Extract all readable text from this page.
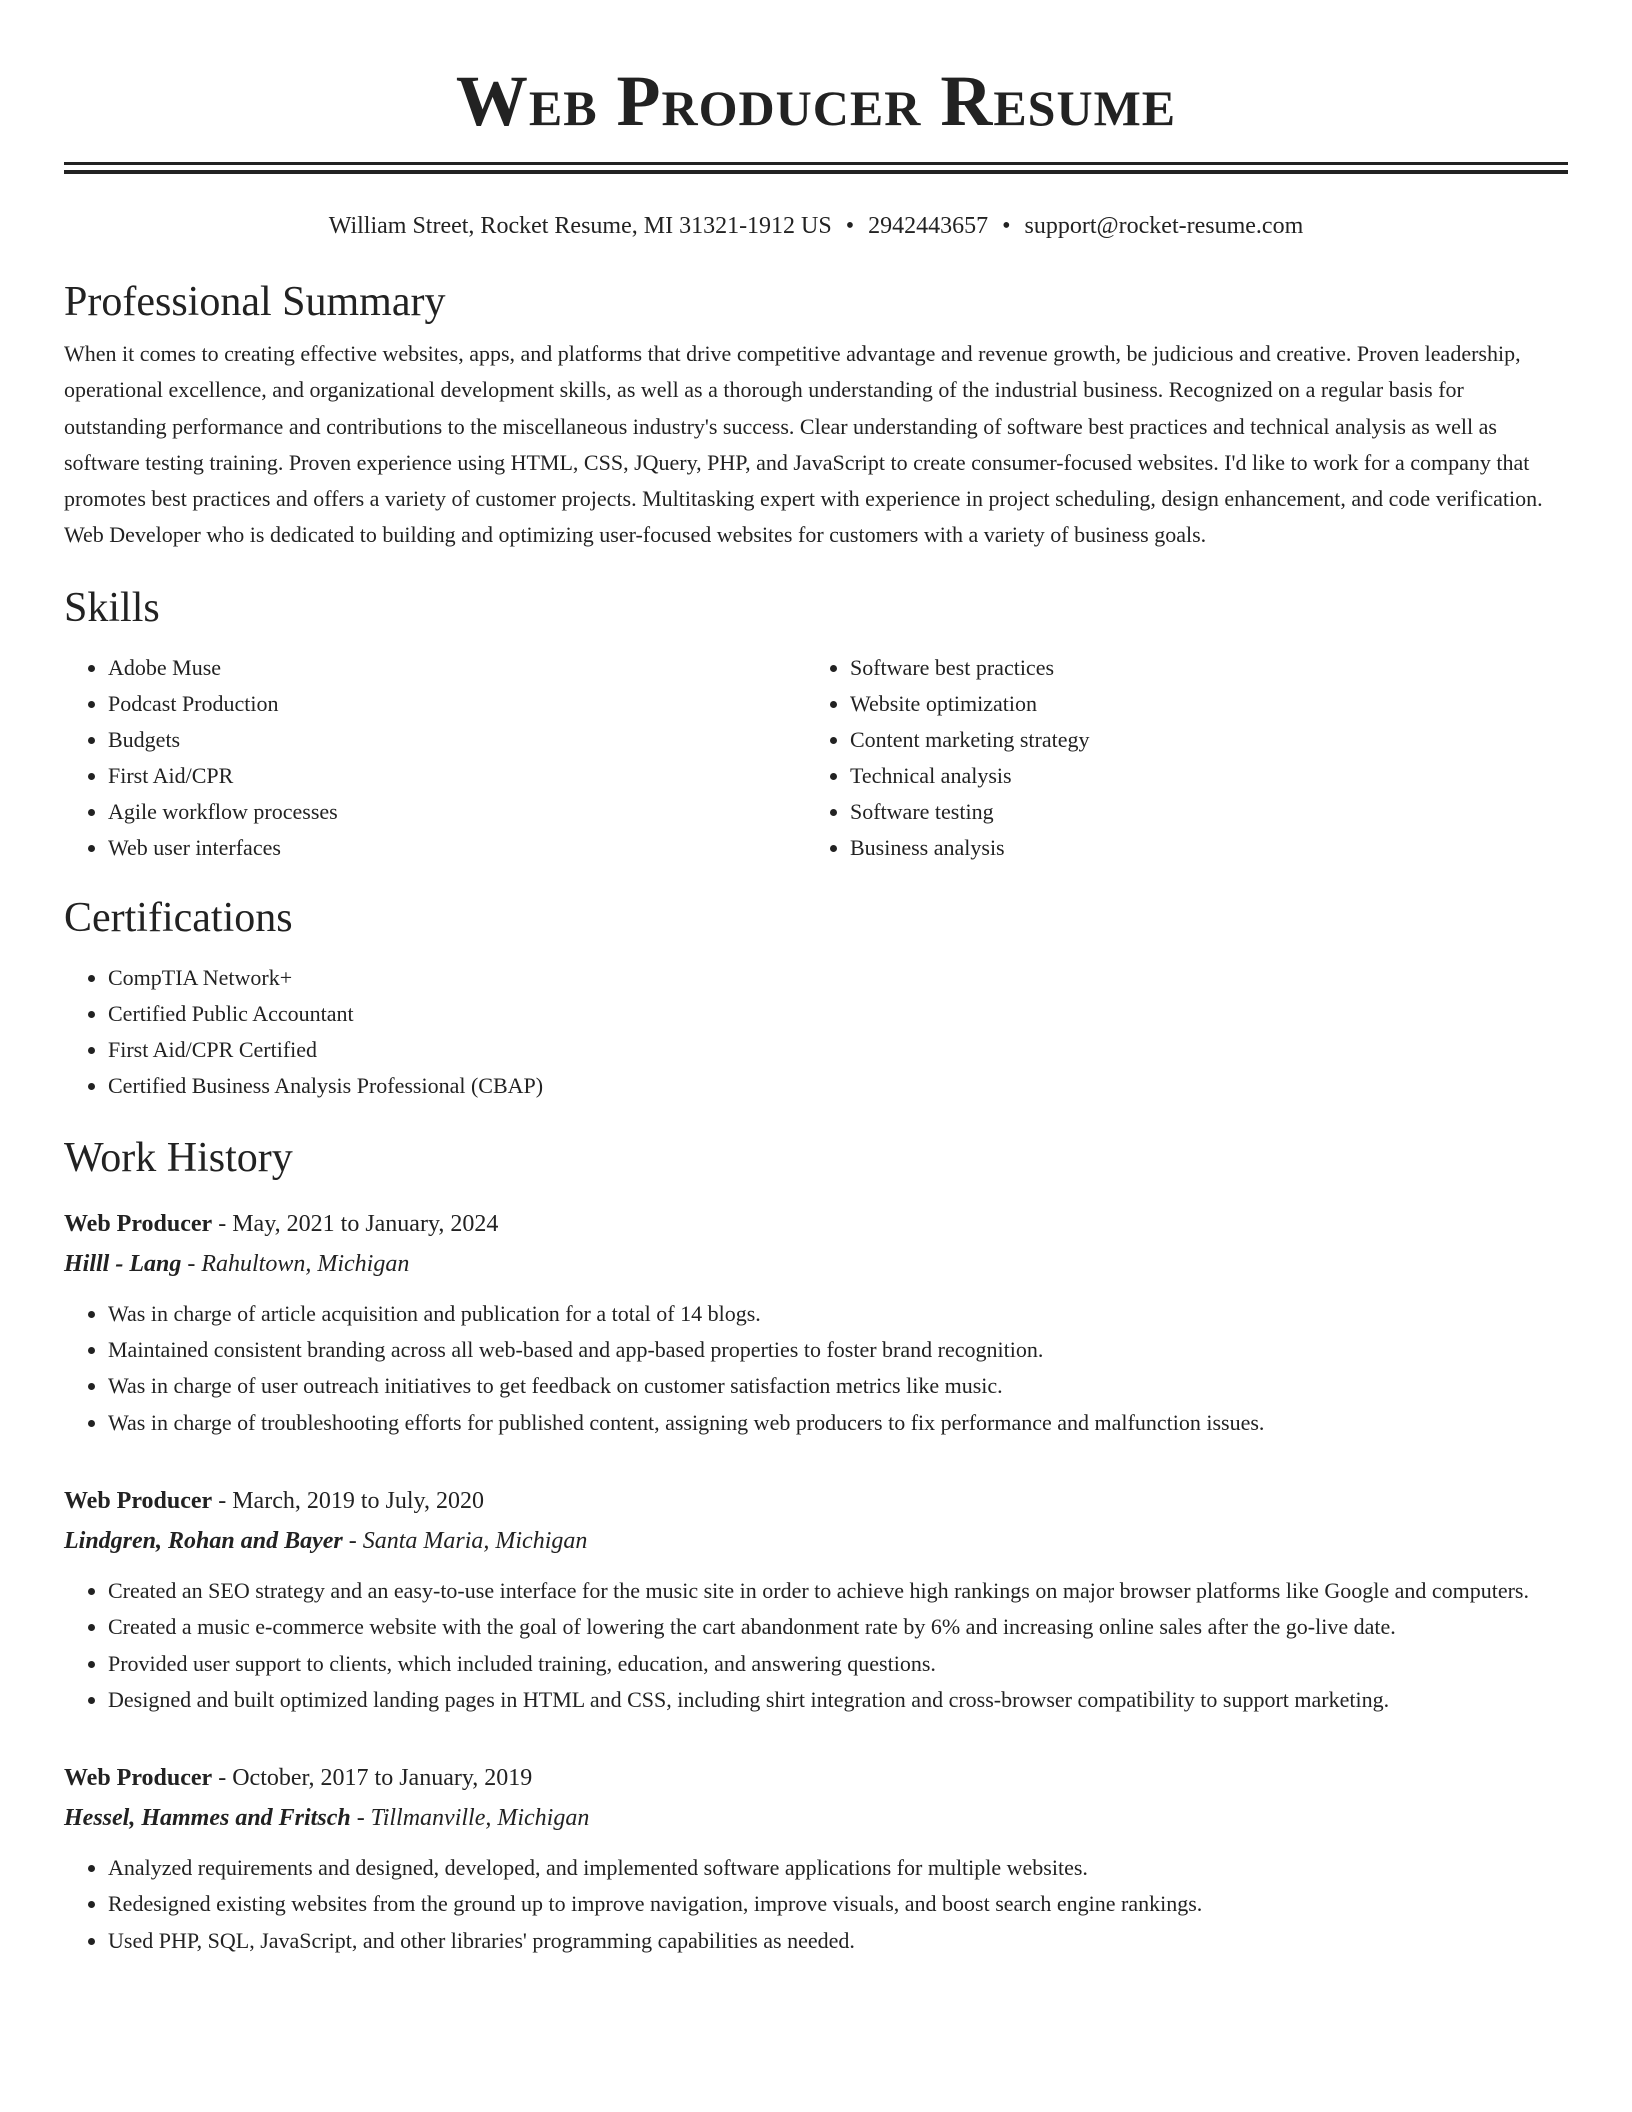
Web Producer Resume
William Street, Rocket Resume, MI 31321-1912 US • 2942443657 • support@rocket-resume.com
Professional Summary

When it comes to creating effective websites, apps, and platforms that drive competitive advantage and revenue growth, be judicious and creative. Proven leadership, operational excellence, and organizational development skills, as well as a thorough understanding of the industrial business. Recognized on a regular basis for outstanding performance and contributions to the miscellaneous industry's success. Clear understanding of software best practices and technical analysis as well as software testing training. Proven experience using HTML, CSS, JQuery, PHP, and JavaScript to create consumer-focused websites. I'd like to work for a company that promotes best practices and offers a variety of customer projects. Multitasking expert with experience in project scheduling, design enhancement, and code verification. Web Developer who is dedicated to building and optimizing user-focused websites for customers with a variety of business goals.

Skills
• Adobe Muse
• Podcast Production
• Budgets
• First Aid/CPR
• Agile workflow processes
• Web user interfaces
• Software best practices
• Website optimization
• Content marketing strategy
• Technical analysis
• Software testing
• Business analysis
Certifications
• CompTIA Network+
• Certified Public Accountant
• First Aid/CPR Certified
• Certified Business Analysis Professional (CBAP)
Work History
Web Producer - May, 2021 to January, 2024
Hilll - Lang - Rahultown, Michigan
• Was in charge of article acquisition and publication for a total of 14 blogs.
• Maintained consistent branding across all web-based and app-based properties to foster brand recognition.
• Was in charge of user outreach initiatives to get feedback on customer satisfaction metrics like music.
• Was in charge of troubleshooting efforts for published content, assigning web producers to fix performance and malfunction issues.
Web Producer - March, 2019 to July, 2020
Lindgren, Rohan and Bayer - Santa Maria, Michigan
• Created an SEO strategy and an easy-to-use interface for the music site in order to achieve high rankings on major browser platforms like Google and computers.
• Created a music e-commerce website with the goal of lowering the cart abandonment rate by 6% and increasing online sales after the go-live date.
• Provided user support to clients, which included training, education, and answering questions.
• Designed and built optimized landing pages in HTML and CSS, including shirt integration and cross-browser compatibility to support marketing.
Web Producer - October, 2017 to January, 2019
Hessel, Hammes and Fritsch - Tillmanville, Michigan
• Analyzed requirements and designed, developed, and implemented software applications for multiple websites.
• Redesigned existing websites from the ground up to improve navigation, improve visuals, and boost search engine rankings.
• Used PHP, SQL, JavaScript, and other libraries' programming capabilities as needed.
